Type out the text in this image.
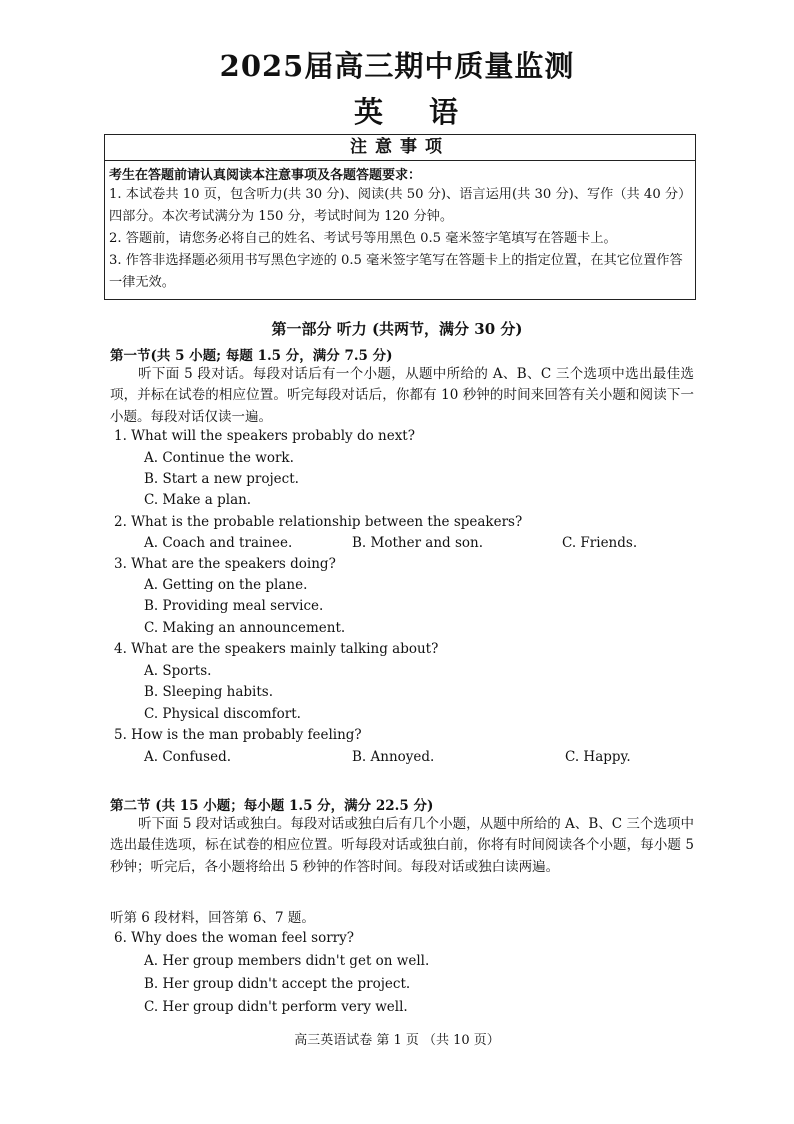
2025届高三期中质量监测
英 语
注意事项
考生在答题前请认真阅读本注意事项及各题答题要求：
1. 本试卷共 10 页，包含听力(共 30 分)、阅读(共 50 分)、语言运用(共 30 分)、写作（共 40 分）四部分。本次考试满分为 150 分，考试时间为 120 分钟。
2. 答题前，请您务必将自己的姓名、考试号等用黑色 0.5 毫米签字笔填写在答题卡上。
3. 作答非选择题必须用书写黑色字迹的 0.5 毫米签字笔写在答题卡上的指定位置，在其它位置作答一律无效。
第一部分 听力 (共两节，满分 30 分)
第一节(共 5 小题; 每题 1.5 分，满分 7.5 分)
听下面 5 段对话。每段对话后有一个小题，从题中所给的 A、B、C 三个选项中选出最佳选项，并标在试卷的相应位置。听完每段对话后，你都有 10 秒钟的时间来回答有关小题和阅读下一小题。每段对话仅读一遍。
1. What will the speakers probably do next?
A. Continue the work.
B. Start a new project.
C. Make a plan.
2. What is the probable relationship between the speakers?
A. Coach and trainee.	B. Mother and son.	C. Friends.
3. What are the speakers doing?
A. Getting on the plane.
B. Providing meal service.
C. Making an announcement.
4. What are the speakers mainly talking about?
A. Sports.
B. Sleeping habits.
C. Physical discomfort.
5. How is the man probably feeling?
A. Confused.	B. Annoyed.	C. Happy.
第二节 (共 15 小题；每小题 1.5 分，满分 22.5 分)
听下面 5 段对话或独白。每段对话或独白后有几个小题，从题中所给的 A、B、C 三个选项中选出最佳选项，标在试卷的相应位置。听每段对话或独白前，你将有时间阅读各个小题，每小题 5 秒钟；听完后，各小题将给出 5 秒钟的作答时间。每段对话或独白读两遍。
听第 6 段材料，回答第 6、7 题。
6. Why does the woman feel sorry?
A. Her group members didn't get on well.
B. Her group didn't accept the project.
C. Her group didn't perform very well.
高三英语试卷 第 1 页 （共 10 页）
